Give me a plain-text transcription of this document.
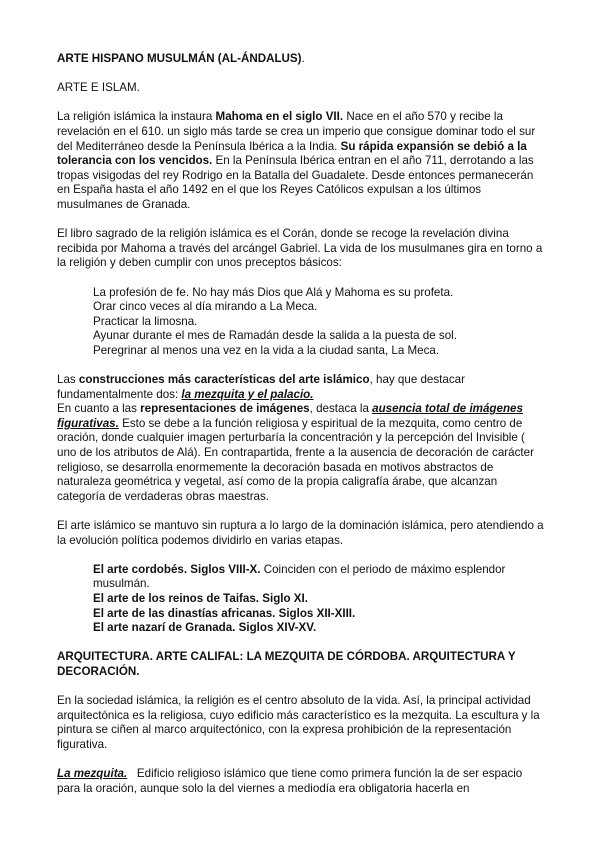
ARTE HISPANO MUSULMÁN (AL-ÁNDALUS).

ARTE E ISLAM.

La religión islámica la instaura Mahoma en el siglo VII. Nace en el año 570 y recibe la revelación en el 610. un siglo más tarde se crea un imperio que consigue dominar todo el sur del Mediterráneo desde la Península Ibérica a la India. Su rápida expansión se debió a la tolerancia con los vencidos. En la Península Ibérica entran en el año 711, derrotando a las tropas visigodas del rey Rodrigo en la Batalla del Guadalete. Desde entonces permanecerán en España hasta el año 1492 en el que los Reyes Católicos expulsan a los últimos musulmanes de Granada.

El libro sagrado de la religión islámica es el Corán, donde se recoge la revelación divina recibida por Mahoma a través del arcángel Gabriel. La vida de los musulmanes gira en torno a la religión y deben cumplir con unos preceptos básicos:

La profesión de fe. No hay más Dios que Alá y Mahoma es su profeta.

Orar cinco veces al día mirando a La Meca.

Practicar la limosna.

Ayunar durante el mes de Ramadán desde la salida a la puesta de sol.

Peregrinar al menos una vez en la vida a la ciudad santa, La Meca.

Las construcciones más características del arte islámico, hay que destacar fundamentalmente dos: la mezquita y el palacio.

En cuanto a las representaciones de imágenes, destaca la ausencia total de imágenes figurativas. Esto se debe a la función religiosa y espiritual de la mezquita, como centro de oración, donde cualquier imagen perturbaría la concentración y la percepción del Invisible ( uno de los atributos de Alá). En contrapartida, frente a la ausencia de decoración de carácter religioso, se desarrolla enormemente la decoración basada en motivos abstractos de naturaleza geométrica y vegetal, así como de la propia caligrafía árabe, que alcanzan categoría de verdaderas obras maestras.

El arte islámico se mantuvo sin ruptura a lo largo de la dominación islámica, pero atendiendo a la evolución política podemos dividirlo en varias etapas.

El arte cordobés. Siglos VIII-X. Coinciden con el periodo de máximo esplendor musulmán.

El arte de los reinos de Taifas. Siglo XI.

El arte de las dinastías africanas. Siglos XII-XIII.

El arte nazarí de Granada. Siglos XIV-XV.

ARQUITECTURA. ARTE CALIFAL: LA MEZQUITA DE CÓRDOBA. ARQUITECTURA Y DECORACIÓN.

En la sociedad islámica, la religión es el centro absoluto de la vida. Así, la principal actividad arquitectónica es la religiosa, cuyo edificio más característico es la mezquita. La escultura y la pintura se ciñen al marco arquitectónico, con la expresa prohibición de la representación figurativa.

La mezquita.   Edificio religioso islámico que tiene como primera función la de ser espacio para la oración, aunque solo la del viernes a mediodía era obligatoria hacerla en
